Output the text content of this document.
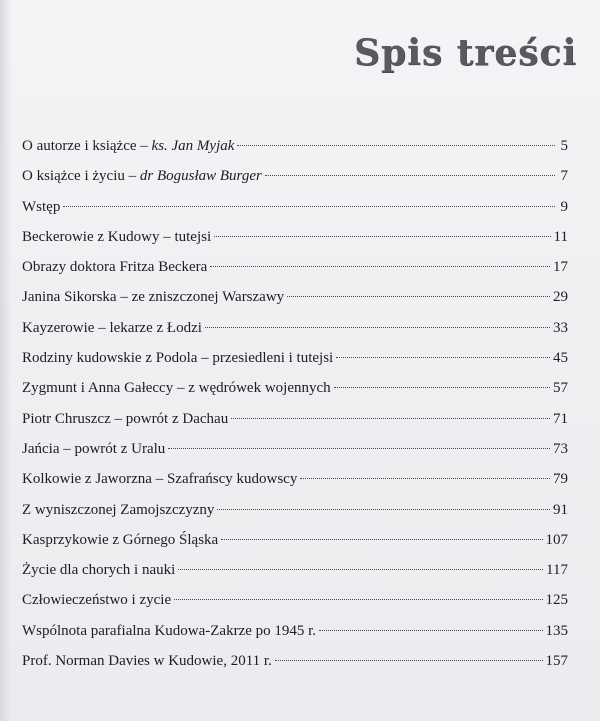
Spis treści
O autorze i książce – ks. Jan Myjak	5
O książce i życiu – dr Bogusław Burger	7
Wstęp	9
Beckerowie z Kudowy – tutejsi	11
Obrazy doktora Fritza Beckera	17
Janina Sikorska – ze zniszczonej Warszawy	29
Kayzerowie – lekarze z Łodzi	33
Rodziny kudowskie z Podola – przesiedleni i tutejsi	45
Zygmunt i Anna Gałeccy – z wędrówek wojennych	57
Piotr Chruszcz – powrót z Dachau	71
Jańcia – powrót z Uralu	73
Kolkowie z Jaworzna – Szafrańscy kudowscy	79
Z wyniszczonej Zamojszczyzny	91
Kasprzykowie z Górnego Śląska	107
Życie dla chorych i nauki	117
Człowieczeństwo i zycie	125
Wspólnota parafialna Kudowa-Zakrze po 1945 r.	135
Prof. Norman Davies w Kudowie, 2011 r.	157
